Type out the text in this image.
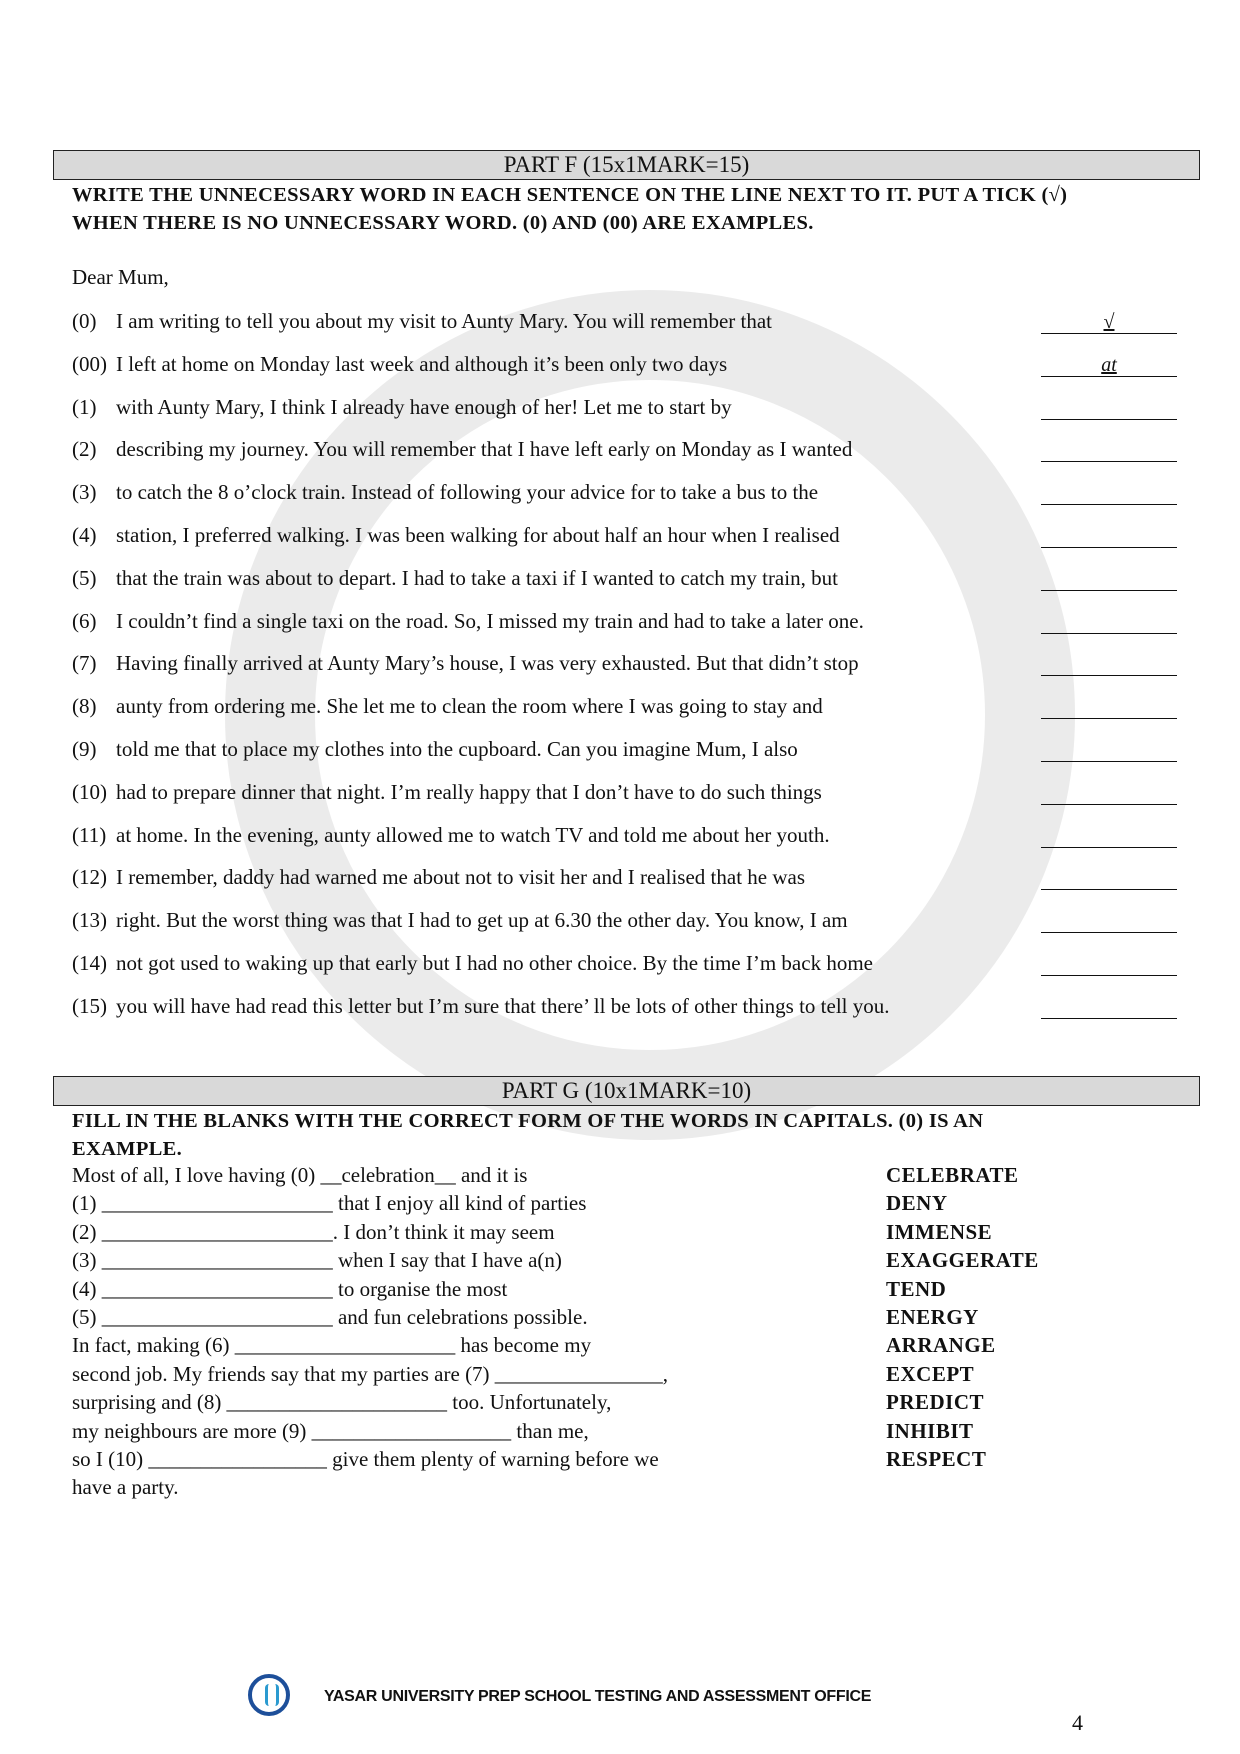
PART F (15x1MARK=15)
WRITE THE UNNECESSARY WORD IN EACH SENTENCE ON THE LINE NEXT TO IT. PUT A TICK (√)
WHEN THERE IS NO UNNECESSARY WORD. (0) AND (00) ARE EXAMPLES.
Dear Mum,
(0) I am writing to tell you about my visit to Aunty Mary. You will remember that	√
(00) I left at home on Monday last week and although it’s been only two days	at
(1) with Aunty Mary, I think I already have enough of her! Let me to start by
(2) describing my journey. You will remember that I have left early on Monday as I wanted
(3) to catch the 8 o’clock train. Instead of following your advice for to take a bus to the
(4) station, I preferred walking. I was been walking for about half an hour when I realised
(5) that the train was about to depart. I had to take a taxi if I wanted to catch my train, but
(6) I couldn’t find a single taxi on the road. So, I missed my train and had to take a later one.
(7) Having finally arrived at Aunty Mary’s house, I was very exhausted. But that didn’t stop
(8) aunty from ordering me. She let me to clean the room where I was going to stay and
(9) told me that to place my clothes into the cupboard. Can you imagine Mum, I also
(10) had to prepare dinner that night. I’m really happy that I don’t have to do such things
(11) at home. In the evening, aunty allowed me to watch TV and told me about her youth.
(12) I remember, daddy had warned me about not to visit her and I realised that he was
(13) right. But the worst thing was that I had to get up at 6.30 the other day. You know, I am
(14) not got used to waking up that early but I had no other choice. By the time I’m back home
(15) you will have had read this letter but I’m sure that there’ ll be lots of other things to tell you.
PART G (10x1MARK=10)
FILL IN THE BLANKS WITH THE CORRECT FORM OF THE WORDS IN CAPITALS. (0) IS AN
EXAMPLE.
Most of all, I love having (0) __celebration__ and it is	CELEBRATE
(1) ______________________ that I enjoy all kind of parties	DENY
(2) ______________________. I don’t think it may seem	IMMENSE
(3) ______________________ when I say that I have a(n)	EXAGGERATE
(4) ______________________ to organise the most	TEND
(5) ______________________ and fun celebrations possible.	ENERGY
In fact, making (6) _____________________ has become my	ARRANGE
second job. My friends say that my parties are (7) ________________,	EXCEPT
surprising and (8) _____________________ too. Unfortunately,	PREDICT
my neighbours are more (9) ___________________ than me,	INHIBIT
so I (10) _________________ give them plenty of warning before we	RESPECT
have a party.
YASAR UNIVERSITY PREP SCHOOL TESTING AND ASSESSMENT OFFICE
4
